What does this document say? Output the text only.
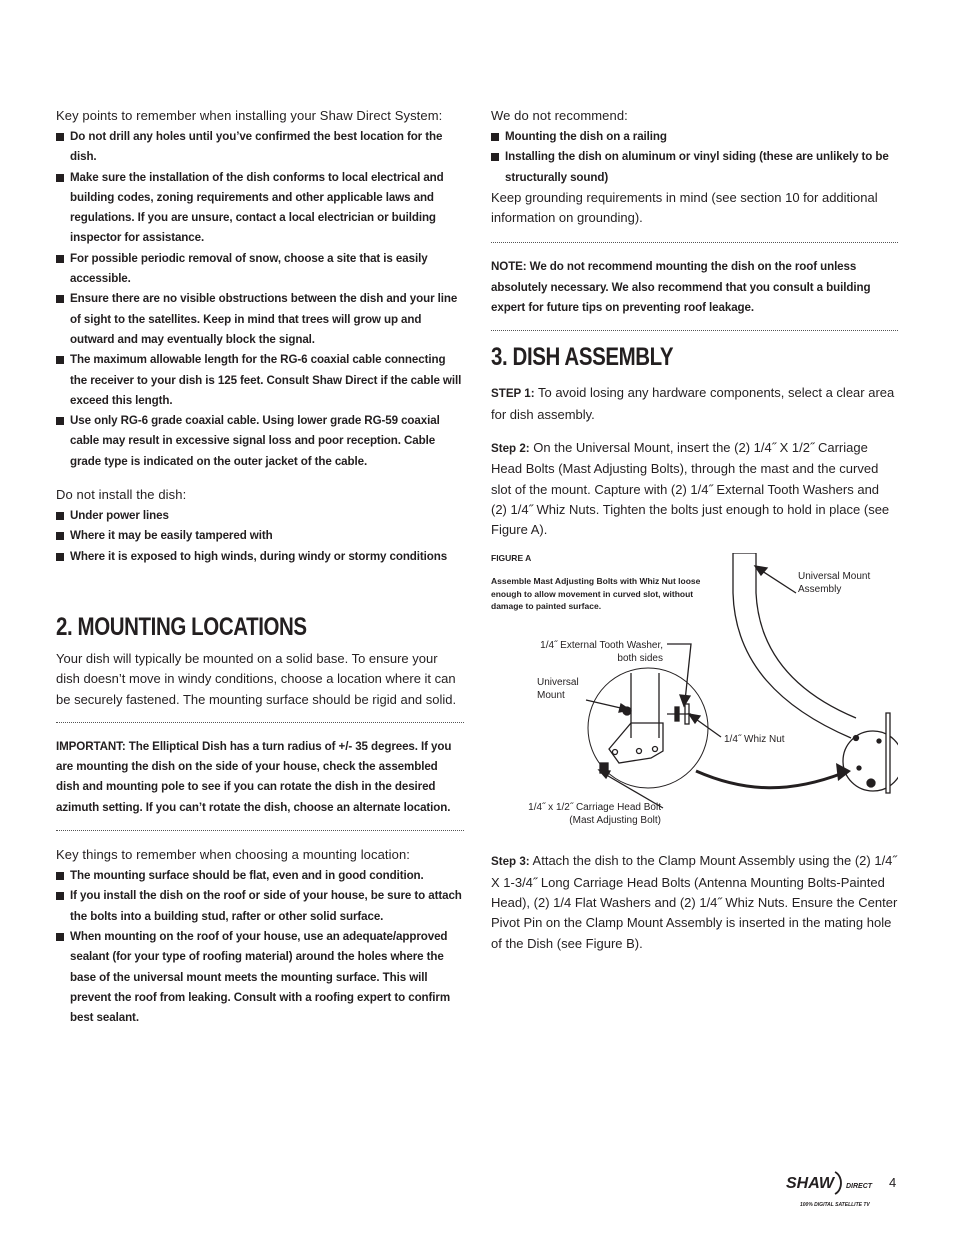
Key points to remember when installing your Shaw Direct System:

Do not drill any holes until you’ve confirmed the best location for the dish.
Make sure the installation of the dish conforms to local electrical and building codes, zoning requirements and other applicable laws and regulations. If you are unsure, contact a local electrician or building inspector for assistance.
For possible periodic removal of snow, choose a site that is easily accessible.
Ensure there are no visible obstructions between the dish and your line of sight to the satellites. Keep in mind that trees will grow up and outward and may eventually block the signal.
The maximum allowable length for the RG-6 coaxial cable connecting the receiver to your dish is 125 feet. Consult Shaw Direct if the cable will exceed this length.
Use only RG-6 grade coaxial cable. Using lower grade RG-59 coaxial cable may result in excessive signal loss and poor reception. Cable grade type is indicated on the outer jacket of the cable.

Do not install the dish:

Under power lines
Where it may be easily tampered with
Where it is exposed to high winds, during windy or stormy conditions
2. MOUNTING LOCATIONS

Your dish will typically be mounted on a solid base. To ensure your dish doesn’t move in windy conditions, choose a location where it can be securely fastened. The mounting surface should be rigid and solid.

IMPORTANT: The Elliptical Dish has a turn radius of +/- 35 degrees. If you are mounting the dish on the side of your house, check the assembled dish and mounting pole to see if you can rotate the dish in the desired azimuth setting. If you can’t rotate the dish, choose an alternate location.

Key things to remember when choosing a mounting location:

The mounting surface should be flat, even and in good condition.
If you install the dish on the roof or side of your house, be sure to attach the bolts into a building stud, rafter or other solid surface.
When mounting on the roof of your house, use an adequate/approved sealant (for your type of roofing material) around the holes where the base of the universal mount meets the mounting surface. This will prevent the roof from leaking. Consult with a roofing expert to confirm best sealant.

We do not recommend:

Mounting the dish on a railing
Installing the dish on aluminum or vinyl siding (these are unlikely to be structurally sound)

Keep grounding requirements in mind (see section 10 for additional information on grounding).

NOTE: We do not recommend mounting the dish on the roof unless absolutely necessary. We also recommend that you consult a building expert for future tips on preventing roof leakage.

3. DISH ASSEMBLY

STEP 1: To avoid losing any hardware components, select a clear area for dish assembly.

Step 2: On the Universal Mount, insert the (2) 1/4˝ X 1/2˝ Carriage Head Bolts (Mast Adjusting Bolts), through the mast and the curved slot of the mount. Capture with (2) 1/4˝ External Tooth Washers and (2) 1/4˝ Whiz Nuts. Tighten the bolts just enough to hold in place (see Figure A).

FIGURE A
Assemble Mast Adjusting Bolts with Whiz Nut loose enough to allow movement in curved slot, without damage to painted surface.
Universal Mount Assembly
1/4˝ External Tooth Washer, both sides
Universal Mount
1/4˝ Whiz Nut
1/4˝ x 1/2˝ Carriage Head Bolt (Mast Adjusting Bolt)

Step 3: Attach the dish to the Clamp Mount Assembly using the (2) 1/4˝ X 1-3/4˝ Long Carriage Head Bolts (Antenna Mounting Bolts-Painted Head), (2) 1/4 Flat Washers and (2) 1/4˝ Whiz Nuts. Ensure the Center Pivot Pin on the Clamp Mount Assembly is inserted in the mating hole of the Dish (see Figure B).

SHAW DIRECT
100% DIGITAL SATELLITE TV
4
